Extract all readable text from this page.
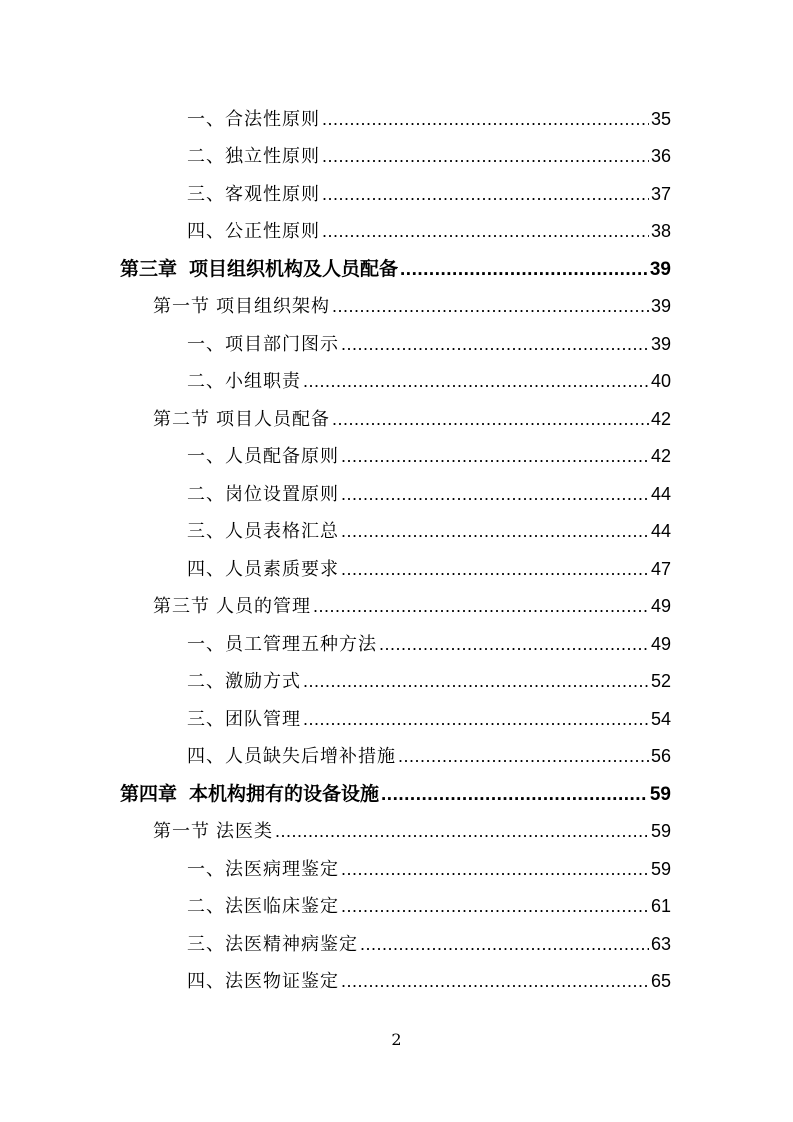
一、合法性原则 .....	35
二、独立性原则 .....	36
三、客观性原则 .....	37
四、公正性原则 .....	38
第三章 项目组织机构及人员配备 .....	39
第一节 项目组织架构 .....	39
一、项目部门图示 .....	39
二、小组职责 .....	40
第二节 项目人员配备 .....	42
一、人员配备原则 .....	42
二、岗位设置原则 .....	44
三、人员表格汇总 .....	44
四、人员素质要求 .....	47
第三节 人员的管理 .....	49
一、员工管理五种方法 .....	49
二、激励方式 .....	52
三、团队管理 .....	54
四、人员缺失后增补措施 .....	56
第四章 本机构拥有的设备设施 .....	59
第一节 法医类 .....	59
一、法医病理鉴定 .....	59
二、法医临床鉴定 .....	61
三、法医精神病鉴定 .....	63
四、法医物证鉴定 .....	65
2
